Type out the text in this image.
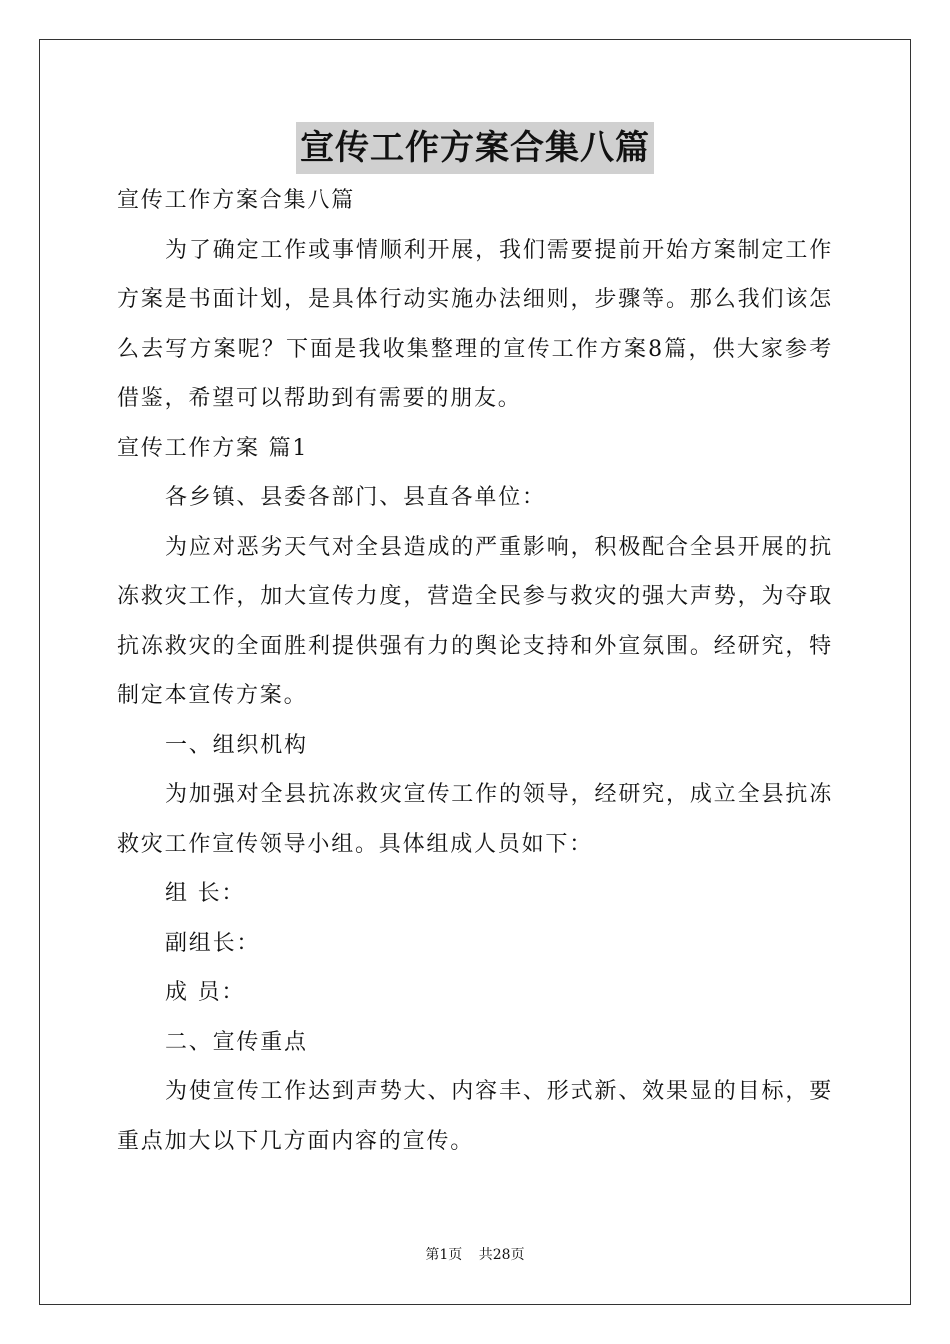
宣传工作方案合集八篇

宣传工作方案合集八篇

为了确定工作或事情顺利开展，我们需要提前开始方案制定工作方案是书面计划，是具体行动实施办法细则，步骤等。那么我们该怎么去写方案呢？下面是我收集整理的宣传工作方案8篇，供大家参考借鉴，希望可以帮助到有需要的朋友。

宣传工作方案 篇1

各乡镇、县委各部门、县直各单位：

为应对恶劣天气对全县造成的严重影响，积极配合全县开展的抗冻救灾工作，加大宣传力度，营造全民参与救灾的强大声势，为夺取抗冻救灾的全面胜利提供强有力的舆论支持和外宣氛围。经研究，特制定本宣传方案。

一、组织机构

为加强对全县抗冻救灾宣传工作的领导，经研究，成立全县抗冻救灾工作宣传领导小组。具体组成人员如下：

组 长：

副组长：

成 员：

二、宣传重点

为使宣传工作达到声势大、内容丰、形式新、效果显的目标，要重点加大以下几方面内容的宣传。

第1页 共28页
